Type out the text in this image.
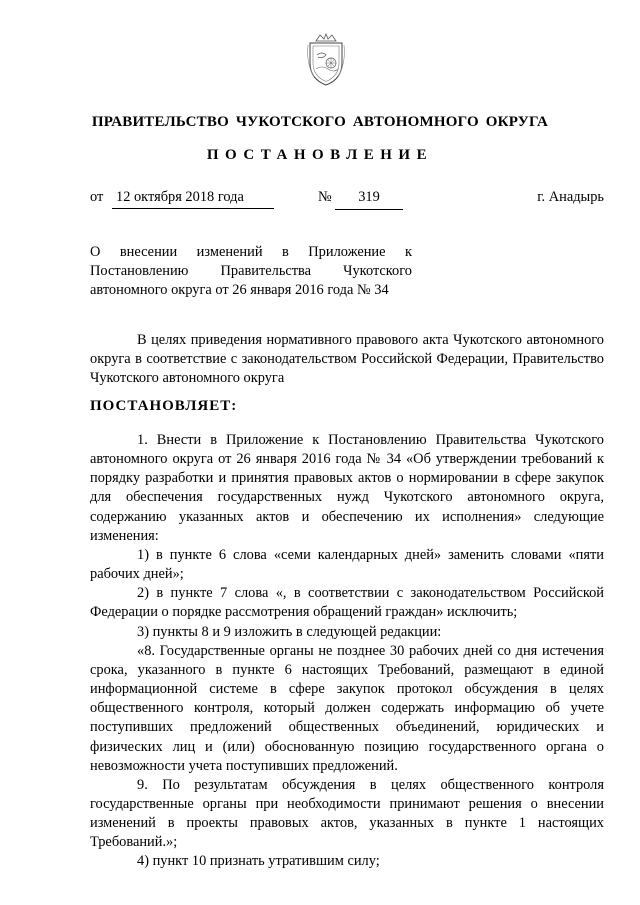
ПРАВИТЕЛЬСТВО ЧУКОТСКОГО АВТОНОМНОГО ОКРУГА
ПОСТАНОВЛЕНИЕ
от 12 октября 2018 года	№	319	г. Анадырь
О внесении изменений в Приложение к
Постановлению Правительства Чукотского
автономного округа от 26 января 2016 года № 34

В целях приведения нормативного правового акта Чукотского автономного округа в соответствие с законодательством Российской Федерации, Правительство Чукотского автономного округа

ПОСТАНОВЛЯЕТ:

1. Внести в Приложение к Постановлению Правительства Чукотского автономного округа от 26 января 2016 года № 34 «Об утверждении требований к порядку разработки и принятия правовых актов о нормировании в сфере закупок для обеспечения государственных нужд Чукотского автономного округа, содержанию указанных актов и обеспечению их исполнения» следующие изменения:

1) в пункте 6 слова «семи календарных дней» заменить словами «пяти рабочих дней»;

2) в пункте 7 слова «, в соответствии с законодательством Российской Федерации о порядке рассмотрения обращений граждан» исключить;

3) пункты 8 и 9 изложить в следующей редакции:

«8. Государственные органы не позднее 30 рабочих дней со дня истечения срока, указанного в пункте 6 настоящих Требований, размещают в единой информационной системе в сфере закупок протокол обсуждения в целях общественного контроля, который должен содержать информацию об учете поступивших предложений общественных объединений, юридических и физических лиц и (или) обоснованную позицию государственного органа о невозможности учета поступивших предложений.

9. По результатам обсуждения в целях общественного контроля государственные органы при необходимости принимают решения о внесении изменений в проекты правовых актов, указанных в пункте 1 настоящих Требований.»;

4) пункт 10 признать утратившим силу;
